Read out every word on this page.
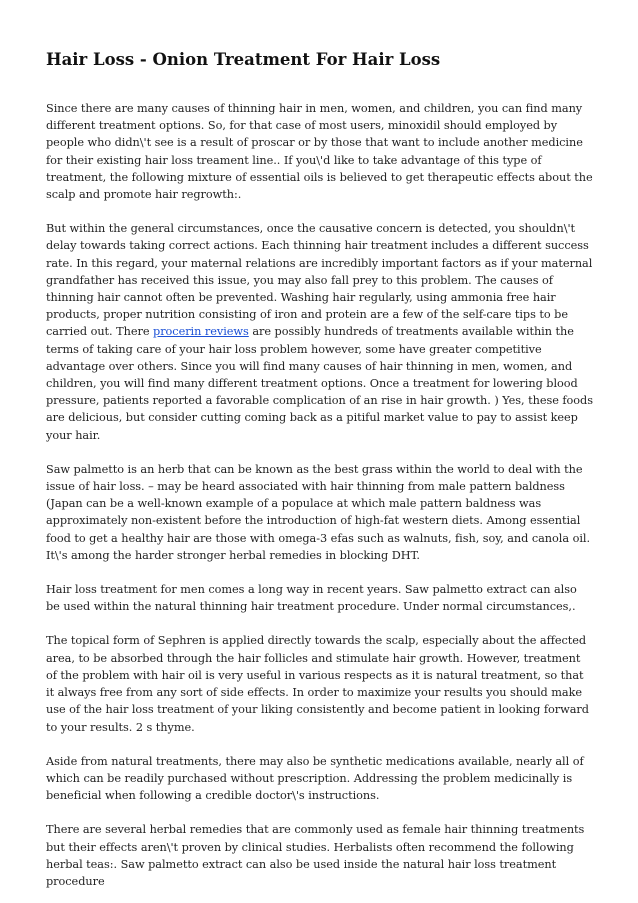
Hair Loss - Onion Treatment For Hair Loss

Since there are many causes of thinning hair in men, women, and children, you can find many different treatment options. So, for that case of most users, minoxidil should employed by people who didn\'t see is a result of proscar or by those that want to include another medicine for their existing hair loss treament line.. If you\'d like to take advantage of this type of treatment, the following mixture of essential oils is believed to get therapeutic effects about the scalp and promote hair regrowth:.

But within the general circumstances, once the causative concern is detected, you shouldn\'t delay towards taking correct actions. Each thinning hair treatment includes a different success rate. In this regard, your maternal relations are incredibly important factors as if your maternal grandfather has received this issue, you may also fall prey to this problem. The causes of thinning hair cannot often be prevented. Washing hair regularly, using ammonia free hair products, proper nutrition consisting of iron and protein are a few of the self-care tips to be carried out. There procerin reviews are possibly hundreds of treatments available within the terms of taking care of your hair loss problem however, some have greater competitive advantage over others. Since you will find many causes of hair thinning in men, women, and children, you will find many different treatment options. Once a treatment for lowering blood pressure, patients reported a favorable complication of an rise in hair growth. ) Yes, these foods are delicious, but consider cutting coming back as a pitiful market value to pay to assist keep your hair.

Saw palmetto is an herb that can be known as the best grass within the world to deal with the issue of hair loss. – may be heard associated with hair thinning from male pattern baldness (Japan can be a well-known example of a populace at which male pattern baldness was approximately non-existent before the introduction of high-fat western diets. Among essential food to get a healthy hair are those with omega-3 efas such as walnuts, fish, soy, and canola oil. It\'s among the harder stronger herbal remedies in blocking DHT.

Hair loss treatment for men comes a long way in recent years. Saw palmetto extract can also be used within the natural thinning hair treatment procedure. Under normal circumstances,.

The topical form of Sephren is applied directly towards the scalp, especially about the affected area, to be absorbed through the hair follicles and stimulate hair growth. However, treatment of the problem with hair oil is very useful in various respects as it is natural treatment, so that it always free from any sort of side effects. In order to maximize your results you should make use of the hair loss treatment of your liking consistently and become patient in looking forward to your results. 2 s thyme.

Aside from natural treatments, there may also be synthetic medications available, nearly all of which can be readily purchased without prescription. Addressing the problem medicinally is beneficial when following a credible doctor\'s instructions.

There are several herbal remedies that are commonly used as female hair thinning treatments but their effects aren\'t proven by clinical studies. Herbalists often recommend the following herbal teas:. Saw palmetto extract can also be used inside the natural hair loss treatment procedure
